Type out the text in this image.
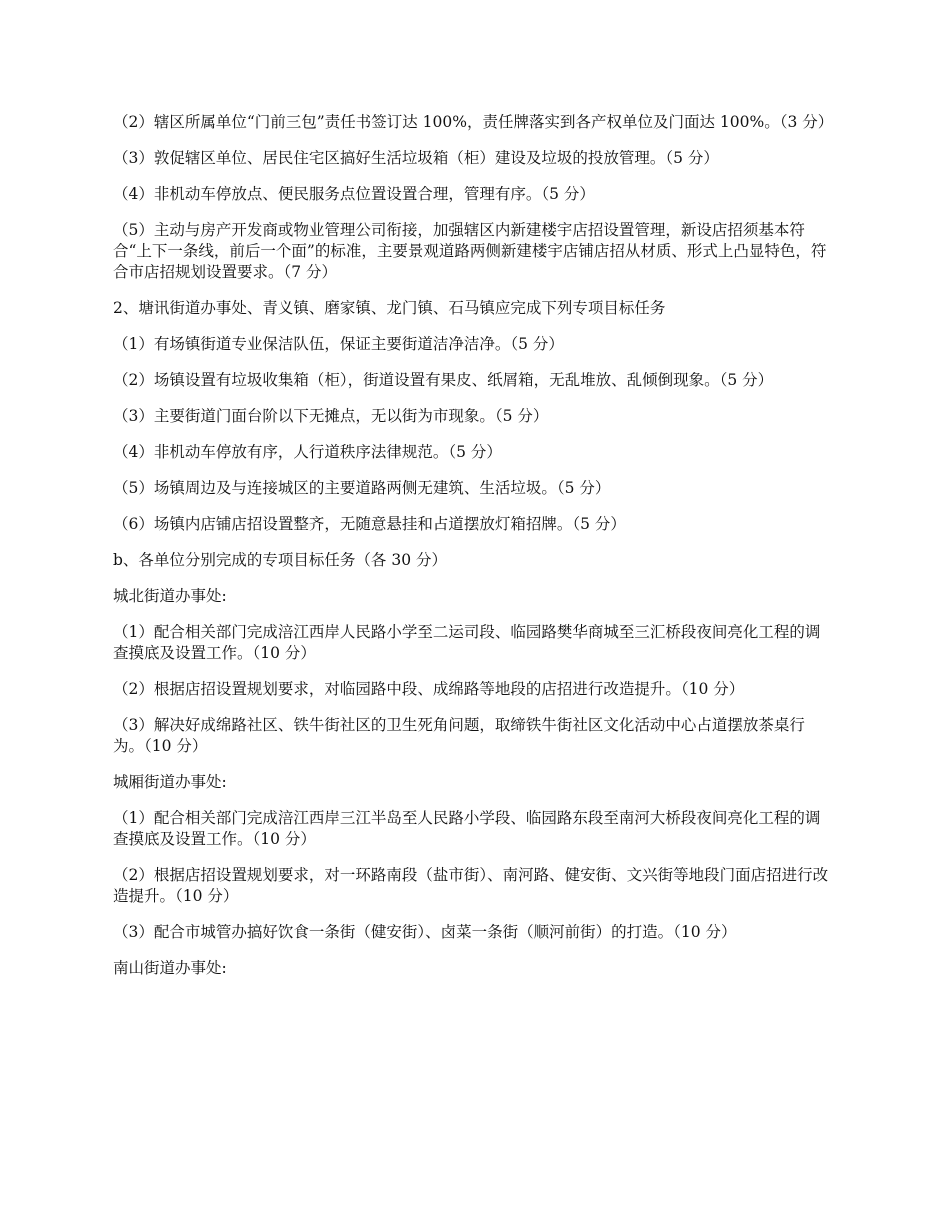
（2）辖区所属单位“门前三包”责任书签订达 100%，责任牌落实到各产权单位及门面达 100%。（3 分）

（3）敦促辖区单位、居民住宅区搞好生活垃圾箱（柜）建设及垃圾的投放管理。（5 分）

（4）非机动车停放点、便民服务点位置设置合理，管理有序。（5 分）

（5）主动与房产开发商或物业管理公司衔接，加强辖区内新建楼宇店招设置管理，新设店招须基本符合“上下一条线，前后一个面”的标准，主要景观道路两侧新建楼宇店铺店招从材质、形式上凸显特色，符合市店招规划设置要求。（7 分）

2、塘讯街道办事处、青义镇、磨家镇、龙门镇、石马镇应完成下列专项目标任务

（1）有场镇街道专业保洁队伍，保证主要街道洁净洁净。（5 分）

（2）场镇设置有垃圾收集箱（柜），街道设置有果皮、纸屑箱，无乱堆放、乱倾倒现象。（5 分）

（3）主要街道门面台阶以下无摊点，无以街为市现象。（5 分）

（4）非机动车停放有序，人行道秩序法律规范。（5 分）

（5）场镇周边及与连接城区的主要道路两侧无建筑、生活垃圾。（5 分）

（6）场镇内店铺店招设置整齐，无随意悬挂和占道摆放灯箱招牌。（5 分）

b、各单位分别完成的专项目标任务（各 30 分）

城北街道办事处:

（1）配合相关部门完成涪江西岸人民路小学至二运司段、临园路樊华商城至三汇桥段夜间亮化工程的调查摸底及设置工作。（10 分）

（2）根据店招设置规划要求，对临园路中段、成绵路等地段的店招进行改造提升。（10 分）

（3）解决好成绵路社区、铁牛街社区的卫生死角问题，取缔铁牛街社区文化活动中心占道摆放茶桌行为。（10 分）

城厢街道办事处:

（1）配合相关部门完成涪江西岸三江半岛至人民路小学段、临园路东段至南河大桥段夜间亮化工程的调查摸底及设置工作。（10 分）

（2）根据店招设置规划要求，对一环路南段（盐市街）、南河路、健安街、文兴街等地段门面店招进行改造提升。（10 分）

（3）配合市城管办搞好饮食一条街（健安街）、卤菜一条街（顺河前街）的打造。（10 分）

南山街道办事处:
